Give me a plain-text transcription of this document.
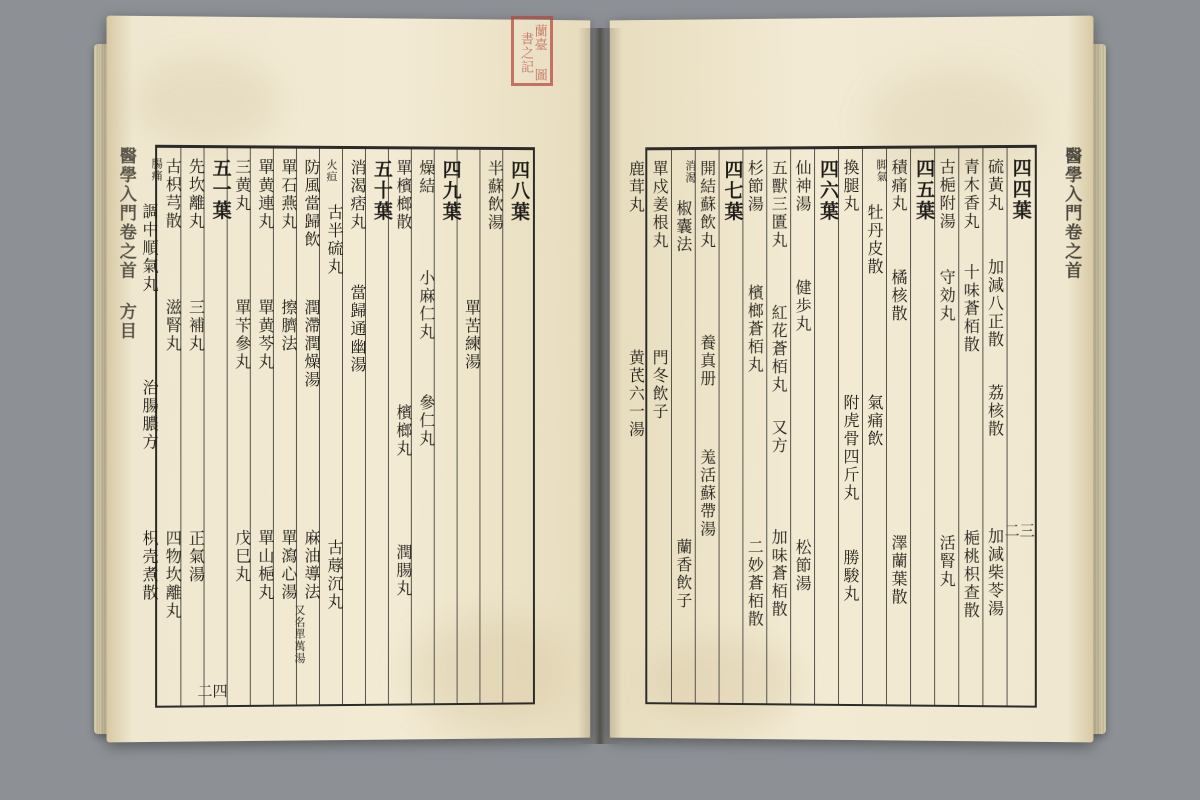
醫學入門卷之首 方目	四八葉
半蘇飲湯
單苦練湯
四九葉
燥結
小麻仁丸
參仁丸
單檳榔散
檳榔丸
潤腸丸
五十葉
消渴痞丸
當歸通幽湯
火疸
古半硫丸
古蓐沉丸
防風當歸飲
潤滯潤燥湯
麻油導法
單石燕丸
擦臍法
單瀉心湯
又名單萬湯
單黄連丸
單黄芩丸
單山梔丸
三黄丸
單苄參丸
戊巳丸
五一葉
先坎離丸
三補丸
正氣湯
古枳芎散
滋腎丸
四物坎離丸
腸痛
調中順氣丸
治腸膿方
枳壳煮散
二四
醫學入門卷之首
四四葉
硫黃丸
加減八正散
荔核散
加減柴苓湯
青木香丸
十味蒼栢散
梔桃枳查散
古梔附湯
守効丸
活腎丸
四五葉
積痛丸
橘核散
澤蘭葉散
脚氣
牡丹皮散
氣痛飲
換腿丸
附虎骨四斤丸
勝駿丸
四六葉
仙神湯
健歩丸
松節湯
五獸三匱丸
紅花蒼栢丸
又方
加味蒼栢散
杉節湯
檳榔蒼栢丸
二妙蒼栢散
四七葉
開結蘇飲丸
養真册
羗活蘇帶湯
消渴
椒囊法
蘭香飲子
單戍姜根丸
門冬飲子
鹿茸丸
黄芪六一湯
二三
蘭臺 圖書之記
